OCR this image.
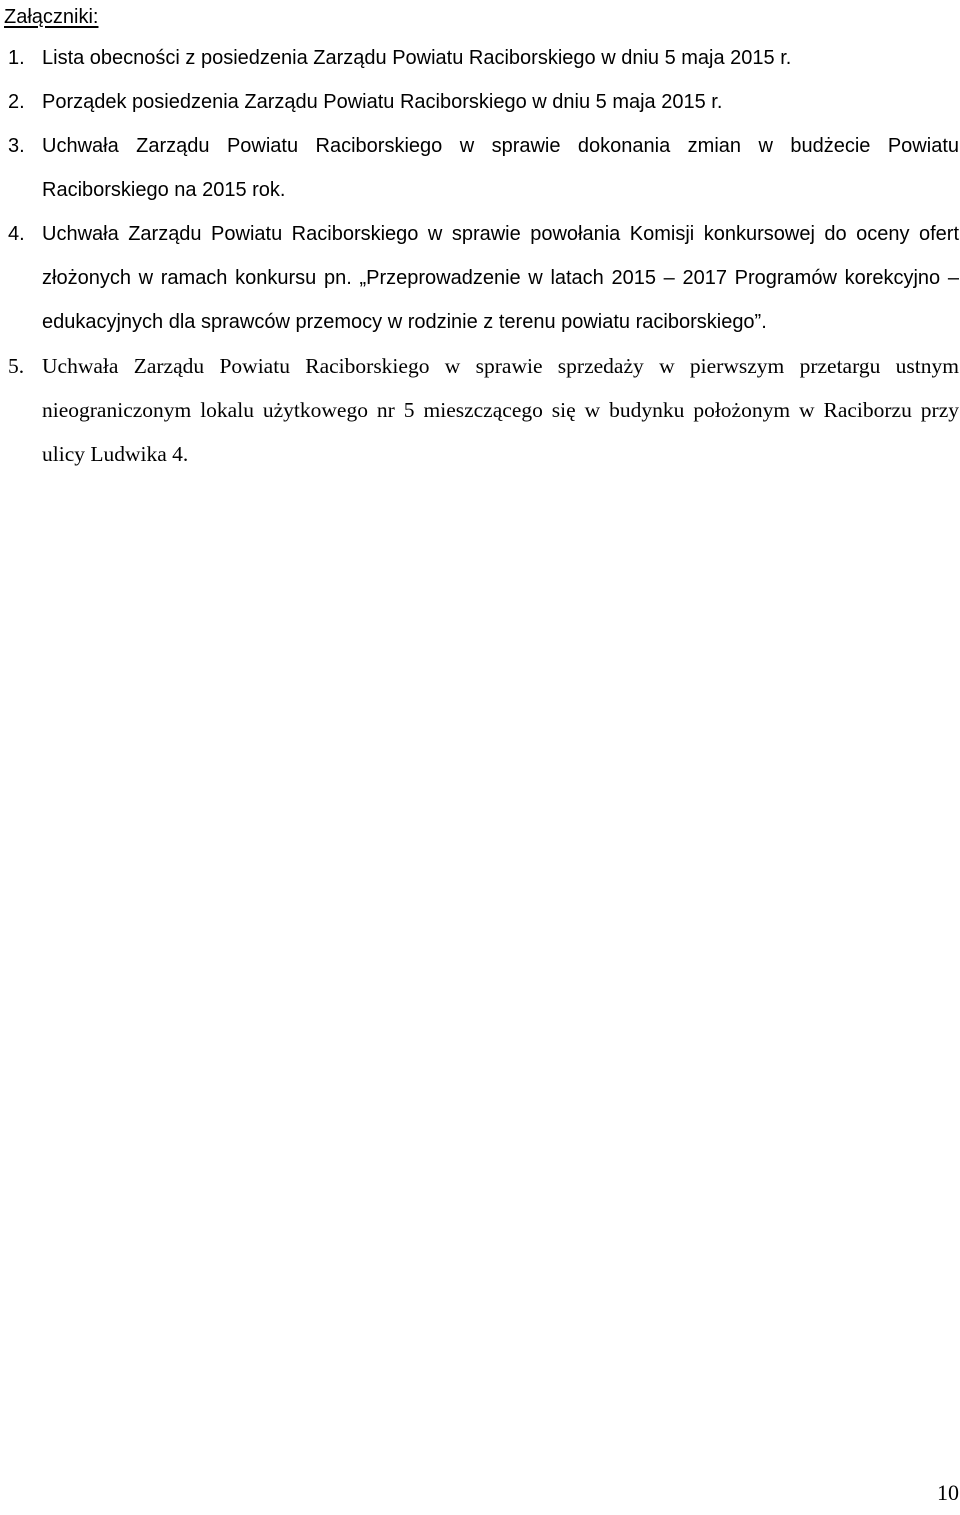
Załączniki:
1. Lista obecności z posiedzenia Zarządu Powiatu Raciborskiego w dniu 5 maja 2015 r.
2. Porządek posiedzenia Zarządu Powiatu Raciborskiego w dniu 5 maja 2015 r.
3. Uchwała Zarządu Powiatu Raciborskiego w sprawie dokonania zmian w budżecie Powiatu Raciborskiego na 2015 rok.
4. Uchwała Zarządu Powiatu Raciborskiego w sprawie powołania Komisji konkursowej do oceny ofert złożonych w ramach konkursu pn. „Przeprowadzenie w latach 2015 – 2017 Programów korekcyjno – edukacyjnych dla sprawców przemocy w rodzinie z terenu powiatu raciborskiego”.
5. Uchwała Zarządu Powiatu Raciborskiego w sprawie sprzedaży w pierwszym przetargu ustnym nieograniczonym lokalu użytkowego nr 5 mieszczącego się w budynku położonym w Raciborzu przy ulicy Ludwika 4.
10
